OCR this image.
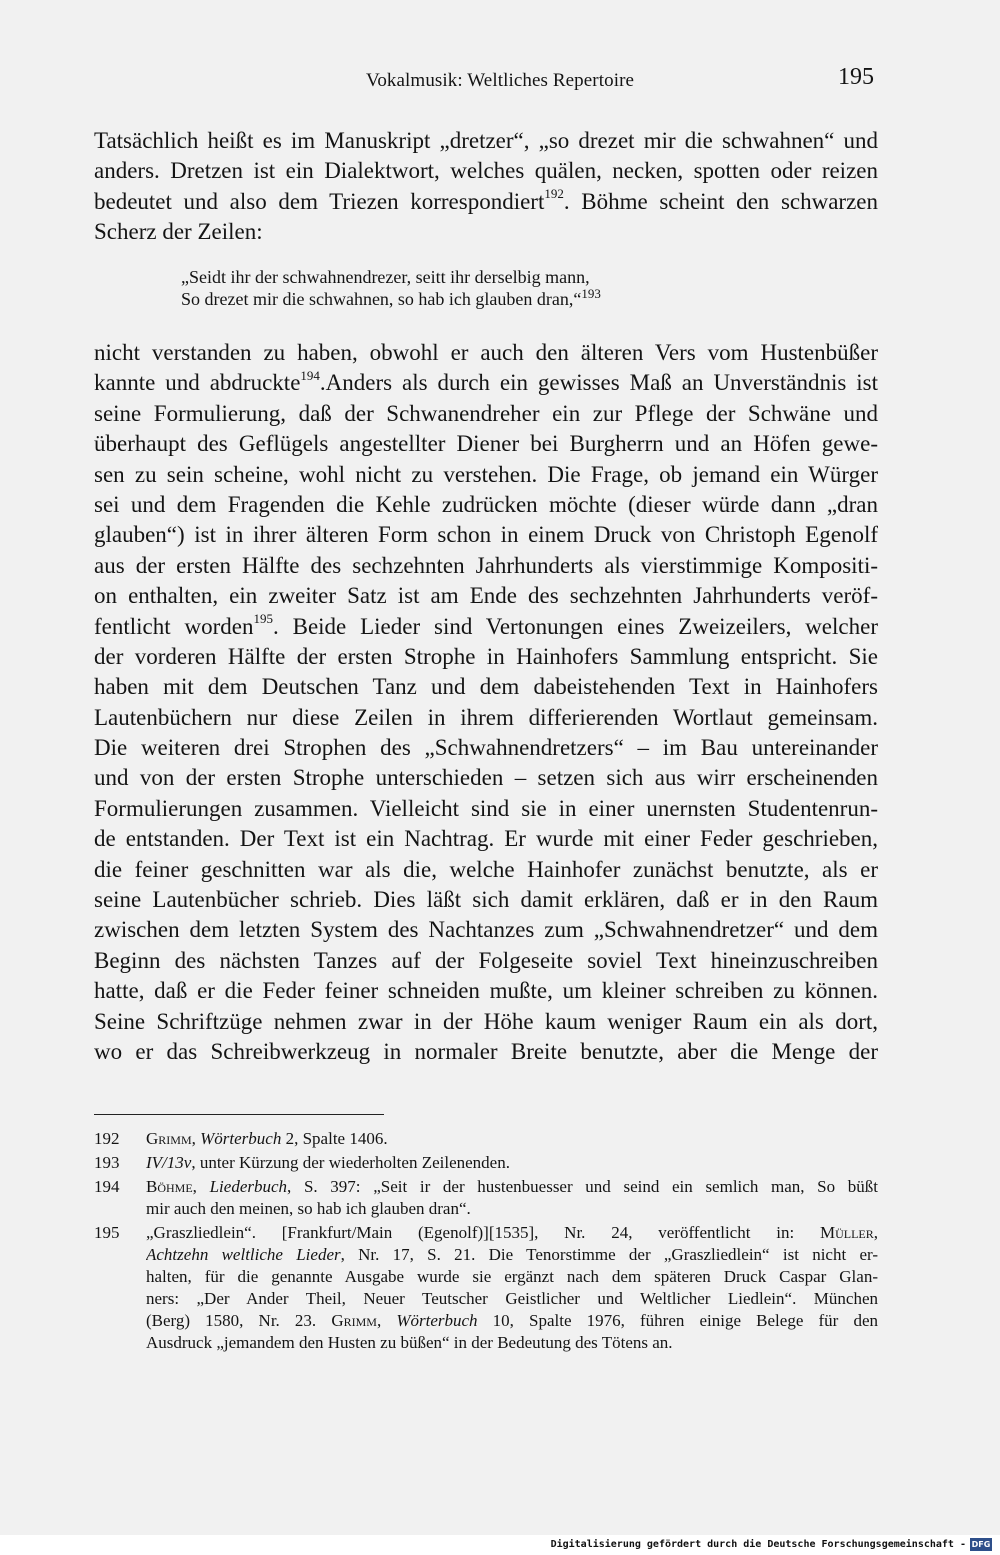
Vokalmusik: Weltliches Repertoire	195
Tatsächlich heißt es im Manuskript „dretzer“, „so drezet mir die schwahnen“ und
anders. Dretzen ist ein Dialektwort, welches quälen, necken, spotten oder reizen
bedeutet und also dem Triezen korrespondiert$^{192}$. Böhme scheint den schwarzen
Scherz der Zeilen:
„Seidt ihr der schwahnendrezer, seitt ihr derselbig mann,
So drezet mir die schwahnen, so hab ich glauben dran,“$^{193}$
nicht verstanden zu haben, obwohl er auch den älteren Vers vom Hustenbüßer
kannte und abdruckte$^{194}$.Anders als durch ein gewisses Maß an Unverständnis ist
seine Formulierung, daß der Schwanendreher ein zur Pflege der Schwäne und
überhaupt des Geflügels angestellter Diener bei Burgherrn und an Höfen gewe-
sen zu sein scheine, wohl nicht zu verstehen. Die Frage, ob jemand ein Würger
sei und dem Fragenden die Kehle zudrücken möchte (dieser würde dann „dran
glauben“) ist in ihrer älteren Form schon in einem Druck von Christoph Egenolf
aus der ersten Hälfte des sechzehnten Jahrhunderts als vierstimmige Kompositi-
on enthalten, ein zweiter Satz ist am Ende des sechzehnten Jahrhunderts veröf-
fentlicht worden$^{195}$. Beide Lieder sind Vertonungen eines Zweizeilers, welcher
der vorderen Hälfte der ersten Strophe in Hainhofers Sammlung entspricht. Sie
haben mit dem Deutschen Tanz und dem dabeistehenden Text in Hainhofers
Lautenbüchern nur diese Zeilen in ihrem differierenden Wortlaut gemeinsam.
Die weiteren drei Strophen des „Schwahnendretzers“ – im Bau untereinander
und von der ersten Strophe unterschieden – setzen sich aus wirr erscheinenden
Formulierungen zusammen. Vielleicht sind sie in einer unernsten Studentenrun-
de entstanden. Der Text ist ein Nachtrag. Er wurde mit einer Feder geschrieben,
die feiner geschnitten war als die, welche Hainhofer zunächst benutzte, als er
seine Lautenbücher schrieb. Dies läßt sich damit erklären, daß er in den Raum
zwischen dem letzten System des Nachtanzes zum „Schwahnendretzer“ und dem
Beginn des nächsten Tanzes auf der Folgeseite soviel Text hineinzuschreiben
hatte, daß er die Feder feiner schneiden mußte, um kleiner schreiben zu können.
Seine Schriftzüge nehmen zwar in der Höhe kaum weniger Raum ein als dort,
wo er das Schreibwerkzeug in normaler Breite benutzte, aber die Menge der
192	Grimm, Wörterbuch 2, Spalte 1406.
193	IV/13v, unter Kürzung der wiederholten Zeilenenden.
194	Böhme, Liederbuch, S. 397: „Seit ir der hustenbuesser und seind ein semlich man, So büßt
mir auch den meinen, so hab ich glauben dran“.
195	„Graszliedlein“. [Frankfurt/Main (Egenolf)][1535], Nr. 24, veröffentlicht in: Müller,
Achtzehn weltliche Lieder, Nr. 17, S. 21. Die Tenorstimme der „Graszliedlein“ ist nicht er-
halten, für die genannte Ausgabe wurde sie ergänzt nach dem späteren Druck Caspar Glan-
ners: „Der Ander Theil, Neuer Teutscher Geistlicher und Weltlicher Liedlein“. München
(Berg) 1580, Nr. 23. Grimm, Wörterbuch 10, Spalte 1976, führen einige Belege für den
Ausdruck „jemandem den Husten zu büßen“ in der Bedeutung des Tötens an.
Digitalisierung gefördert durch die Deutsche Forschungsgemeinschaft - DFG
